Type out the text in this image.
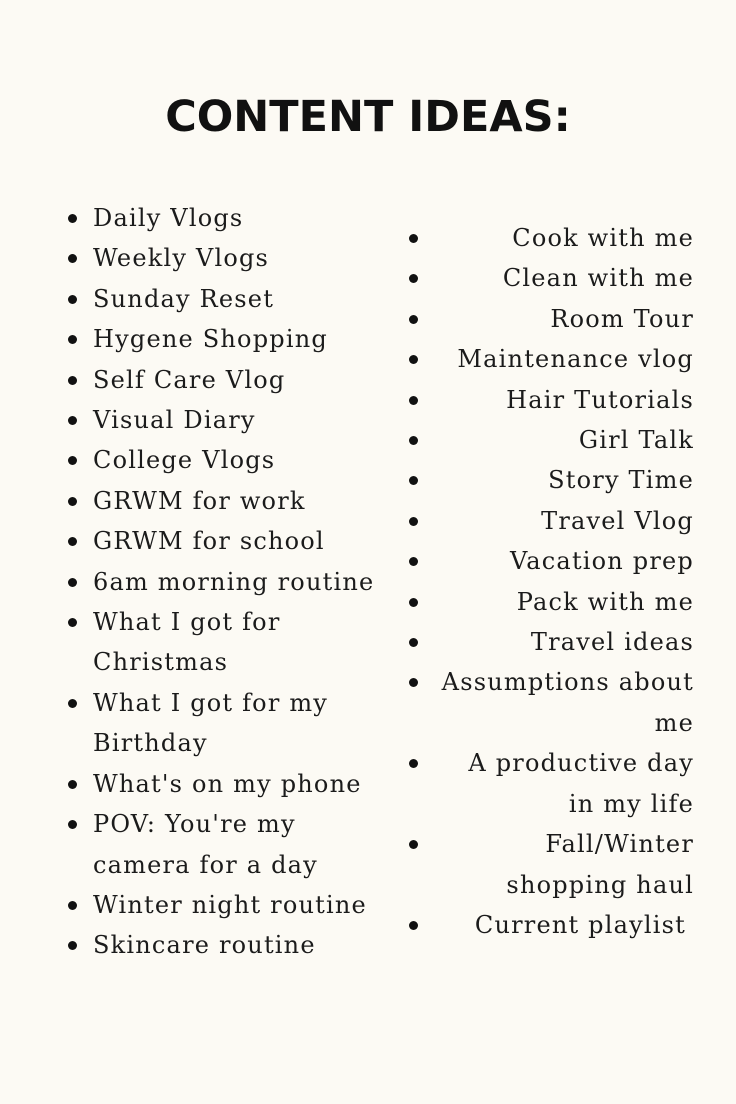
CONTENT IDEAS:
Daily Vlogs
Weekly Vlogs
Sunday Reset
Hygene Shopping
Self Care Vlog
Visual Diary
College Vlogs
GRWM for work
GRWM for school
6am morning routine
What I got for
Christmas
What I got for my
Birthday
What's on my phone
POV: You're my
camera for a day
Winter night routine
Skincare routine
Cook with me
Clean with me
Room Tour
Maintenance vlog
Hair Tutorials
Girl Talk
Story Time
Travel Vlog
Vacation prep
Pack with me
Travel ideas
Assumptions about
me
A productive day
in my life
Fall/Winter
shopping haul
Current playlist
